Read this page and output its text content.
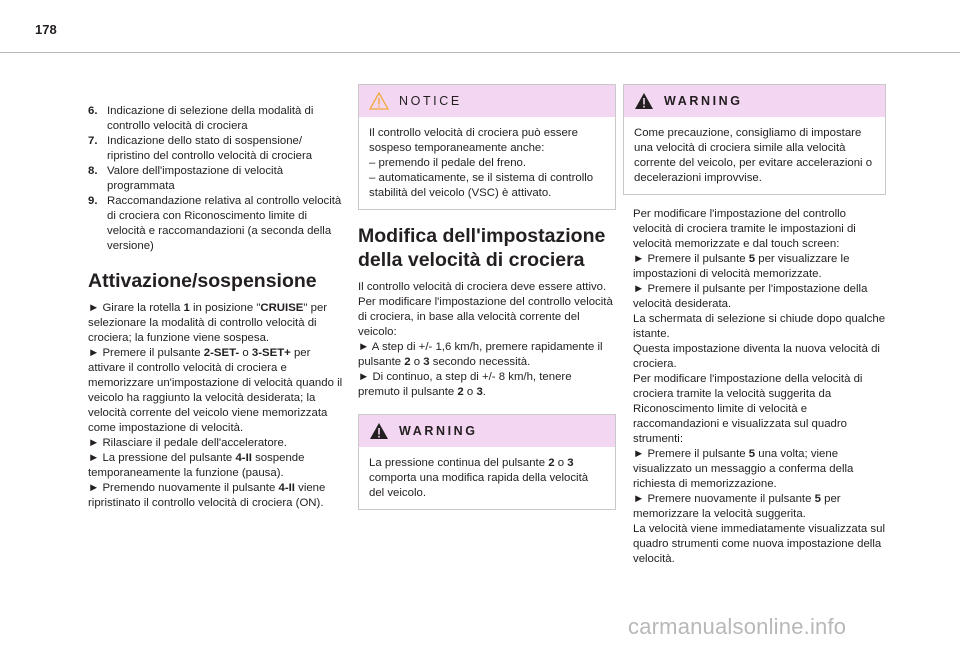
178
6. Indicazione di selezione della modalità di controllo velocità di crociera
7. Indicazione dello stato di sospensione/ ripristino del controllo velocità di crociera
8. Valore dell'impostazione di velocità programmata
9. Raccomandazione relativa al controllo velocità di crociera con Riconoscimento limite di velocità e raccomandazioni (a seconda della versione)
Attivazione/sospensione

► Girare la rotella 1 in posizione "CRUISE" per selezionare la modalità di controllo velocità di crociera; la funzione viene sospesa.

► Premere il pulsante 2-SET- o 3-SET+ per attivare il controllo velocità di crociera e memorizzare un'impostazione di velocità quando il veicolo ha raggiunto la velocità desiderata; la velocità corrente del veicolo viene memorizzata come impostazione di velocità.

► Rilasciare il pedale dell'acceleratore.

► La pressione del pulsante 4-II sospende temporaneamente la funzione (pausa).

► Premendo nuovamente il pulsante 4-II viene ripristinato il controllo velocità di crociera (ON).

NOTICE

Il controllo velocità di crociera può essere sospeso temporaneamente anche:

– premendo il pedale del freno.

– automaticamente, se il sistema di controllo stabilità del veicolo (VSC) è attivato.

Modifica dell'impostazione della velocità di crociera

Il controllo velocità di crociera deve essere attivo.

Per modificare l'impostazione del controllo velocità di crociera, in base alla velocità corrente del veicolo:

► A step di +/- 1,6 km/h, premere rapidamente il pulsante 2 o 3 secondo necessità.

► Di continuo, a step di +/- 8 km/h, tenere premuto il pulsante 2 o 3.

WARNING

La pressione continua del pulsante 2 o 3 comporta una modifica rapida della velocità del veicolo.

WARNING

Come precauzione, consigliamo di impostare una velocità di crociera simile alla velocità corrente del veicolo, per evitare accelerazioni o decelerazioni improvvise.

Per modificare l'impostazione del controllo velocità di crociera tramite le impostazioni di velocità memorizzate e dal touch screen:

► Premere il pulsante 5 per visualizzare le impostazioni di velocità memorizzate.

► Premere il pulsante per l'impostazione della velocità desiderata.

La schermata di selezione si chiude dopo qualche istante.

Questa impostazione diventa la nuova velocità di crociera.

Per modificare l'impostazione della velocità di crociera tramite la velocità suggerita da Riconoscimento limite di velocità e raccomandazioni e visualizzata sul quadro strumenti:

► Premere il pulsante 5 una volta; viene visualizzato un messaggio a conferma della richiesta di memorizzazione.

► Premere nuovamente il pulsante 5 per memorizzare la velocità suggerita.

La velocità viene immediatamente visualizzata sul quadro strumenti come nuova impostazione della velocità.

carmanualsonline.info
